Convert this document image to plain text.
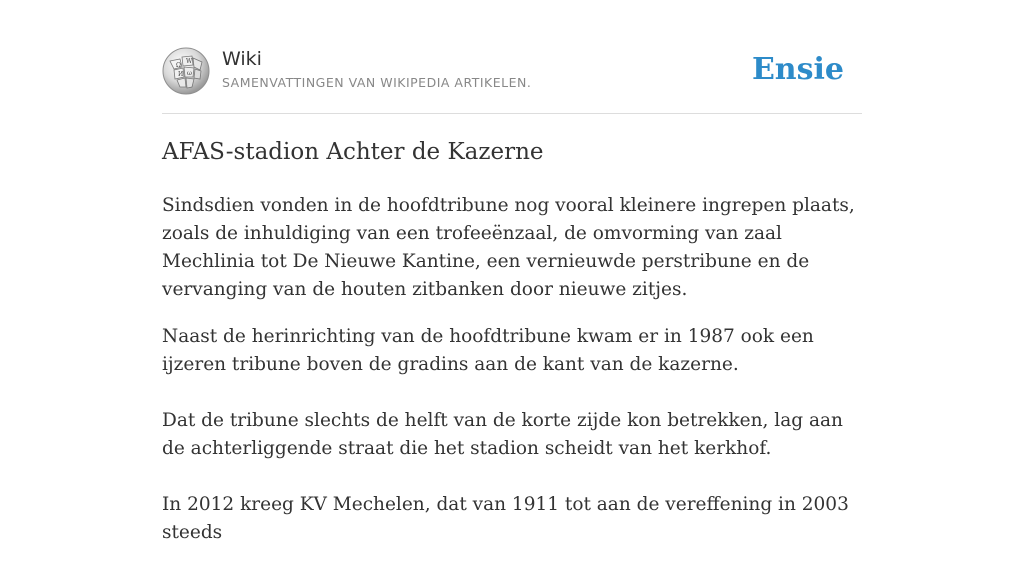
Ω
W
И ω
Wiki
SAMENVATTINGEN VAN WIKIPEDIA ARTIKELEN.	Ensie
AFAS-stadion Achter de Kazerne

Sindsdien vonden in de hoofdtribune nog vooral kleinere ingrepen plaats, zoals de inhuldiging van een trofeeënzaal, de omvorming van zaal Mechlinia tot De Nieuwe Kantine, een vernieuwde perstribune en de vervanging van de houten zitbanken door nieuwe zitjes.

Naast de herinrichting van de hoofdtribune kwam er in 1987 ook een ijzeren tribune boven de gradins aan de kant van de kazerne.

Dat de tribune slechts de helft van de korte zijde kon betrekken, lag aan de achterliggende straat die het stadion scheidt van het kerkhof.

In 2012 kreeg KV Mechelen, dat van 1911 tot aan de vereffening in 2003 steeds
